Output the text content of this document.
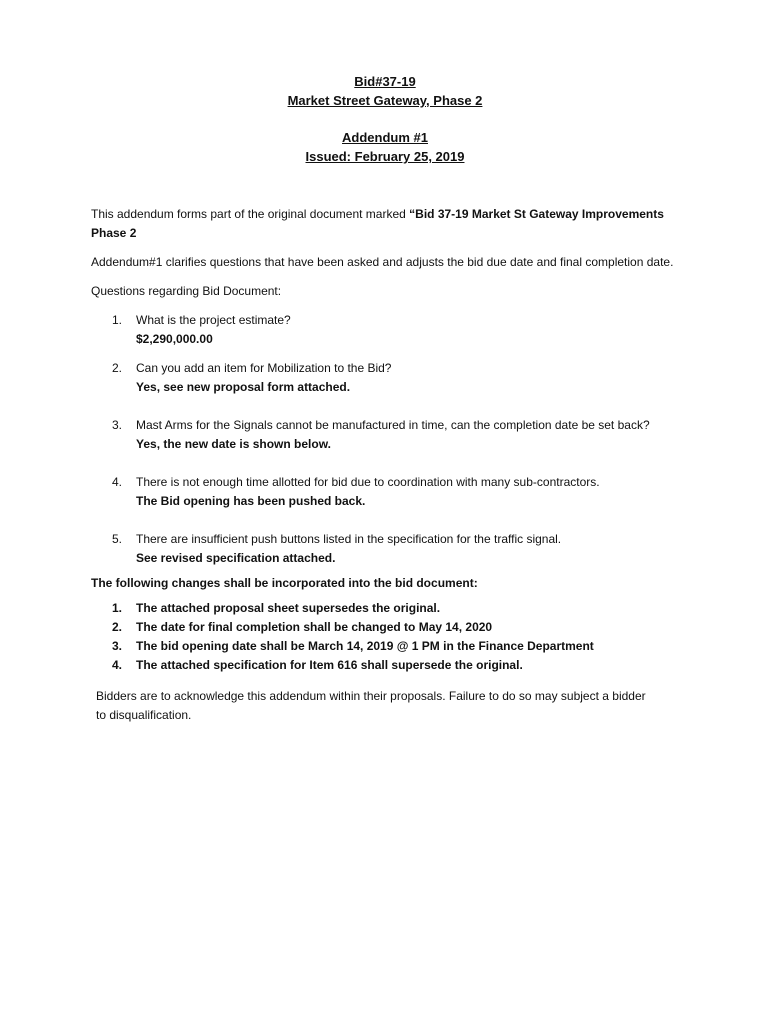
Bid#37-19
Market Street Gateway, Phase 2
Addendum #1
Issued: February 25, 2019

This addendum forms part of the original document marked “Bid 37-19 Market St Gateway Improvements Phase 2

Addendum#1 clarifies questions that have been asked and adjusts the bid due date and final completion date.

Questions regarding Bid Document:

1. What is the project estimate?
$2,290,000.00
2. Can you add an item for Mobilization to the Bid?
Yes, see new proposal form attached.
3. Mast Arms for the Signals cannot be manufactured in time, can the completion date be set back?
Yes, the new date is shown below.
4. There is not enough time allotted for bid due to coordination with many sub-contractors.
The Bid opening has been pushed back.
5. There are insufficient push buttons listed in the specification for the traffic signal.
See revised specification attached.

The following changes shall be incorporated into the bid document:

1. The attached proposal sheet supersedes the original.
2. The date for final completion shall be changed to May 14, 2020
3. The bid opening date shall be March 14, 2019 @ 1 PM in the Finance Department
4. The attached specification for Item 616 shall supersede the original.

Bidders are to acknowledge this addendum within their proposals. Failure to do so may subject a bidder to disqualification.
